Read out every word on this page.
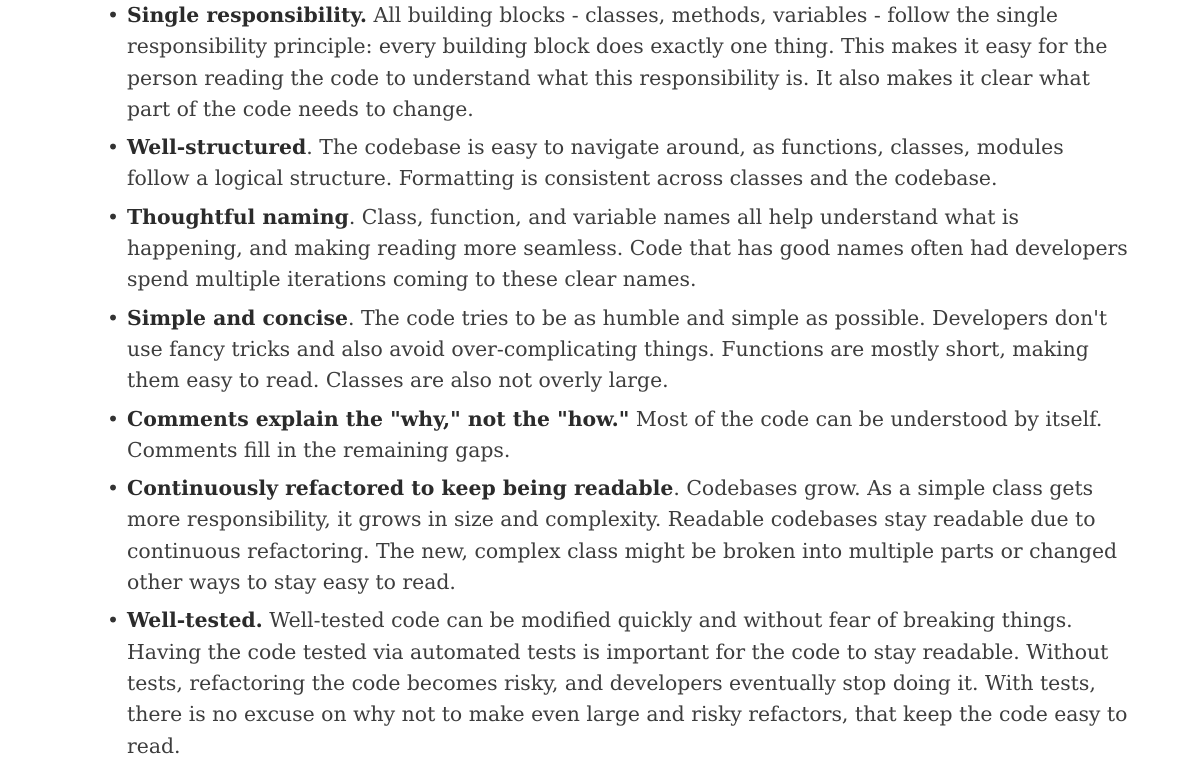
• Single responsibility. All building blocks - classes, methods, variables - follow the single responsibility principle: every building block does exactly one thing. This makes it easy for the person reading the code to understand what this responsibility is. It also makes it clear what part of the code needs to change.
• Well-structured. The codebase is easy to navigate around, as functions, classes, modules follow a logical structure. Formatting is consistent across classes and the codebase.
• Thoughtful naming. Class, function, and variable names all help understand what is happening, and making reading more seamless. Code that has good names often had developers spend multiple iterations coming to these clear names.
• Simple and concise. The code tries to be as humble and simple as possible. Developers don't use fancy tricks and also avoid over-complicating things. Functions are mostly short, making them easy to read. Classes are also not overly large.
• Comments explain the "why," not the "how." Most of the code can be understood by itself. Comments fill in the remaining gaps.
• Continuously refactored to keep being readable. Codebases grow. As a simple class gets more responsibility, it grows in size and complexity. Readable codebases stay readable due to continuous refactoring. The new, complex class might be broken into multiple parts or changed other ways to stay easy to read.
• Well-tested. Well-tested code can be modified quickly and without fear of breaking things. Having the code tested via automated tests is important for the code to stay readable. Without tests, refactoring the code becomes risky, and developers eventually stop doing it. With tests, there is no excuse on why not to make even large and risky refactors, that keep the code easy to read.
